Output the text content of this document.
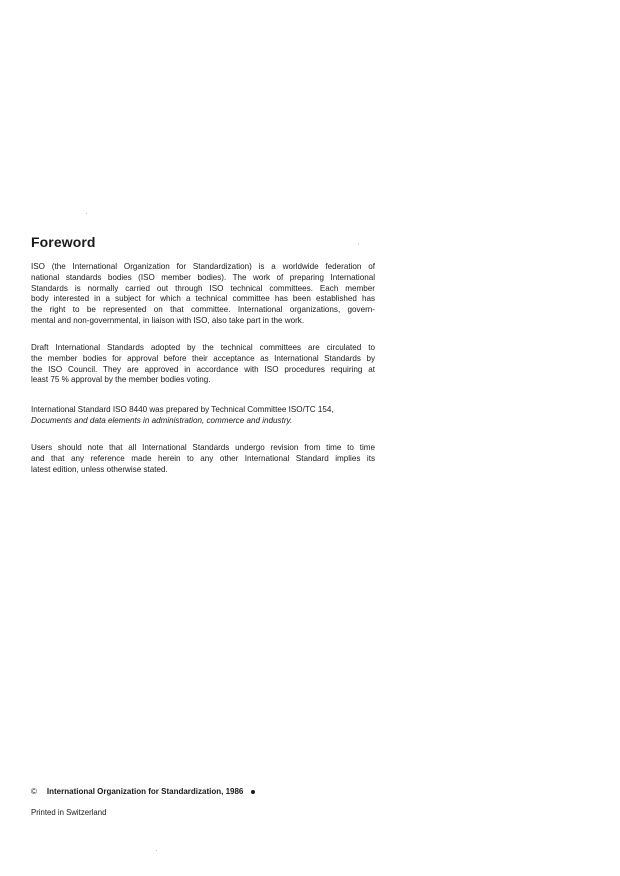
Foreword
ISO (the International Organization for Standardization) is a worldwide federation of
national standards bodies (ISO member bodies). The work of preparing International
Standards is normally carried out through ISO technical committees. Each member
body interested in a subject for which a technical committee has been established has
the right to be represented on that committee. International organizations, govern-
mental and non-governmental, in liaison with ISO, also take part in the work.
Draft International Standards adopted by the technical committees are circulated to
the member bodies for approval before their acceptance as International Standards by
the ISO Council. They are approved in accordance with ISO procedures requiring at
least 75 % approval by the member bodies voting.
International Standard ISO 8440 was prepared by Technical Committee ISO/TC 154,
Documents and data elements in administration, commerce and industry.
Users should note that all International Standards undergo revision from time to time
and that any reference made herein to any other International Standard implies its
latest edition, unless otherwise stated.
© International Organization for Standardization, 1986
Printed in Switzerland
